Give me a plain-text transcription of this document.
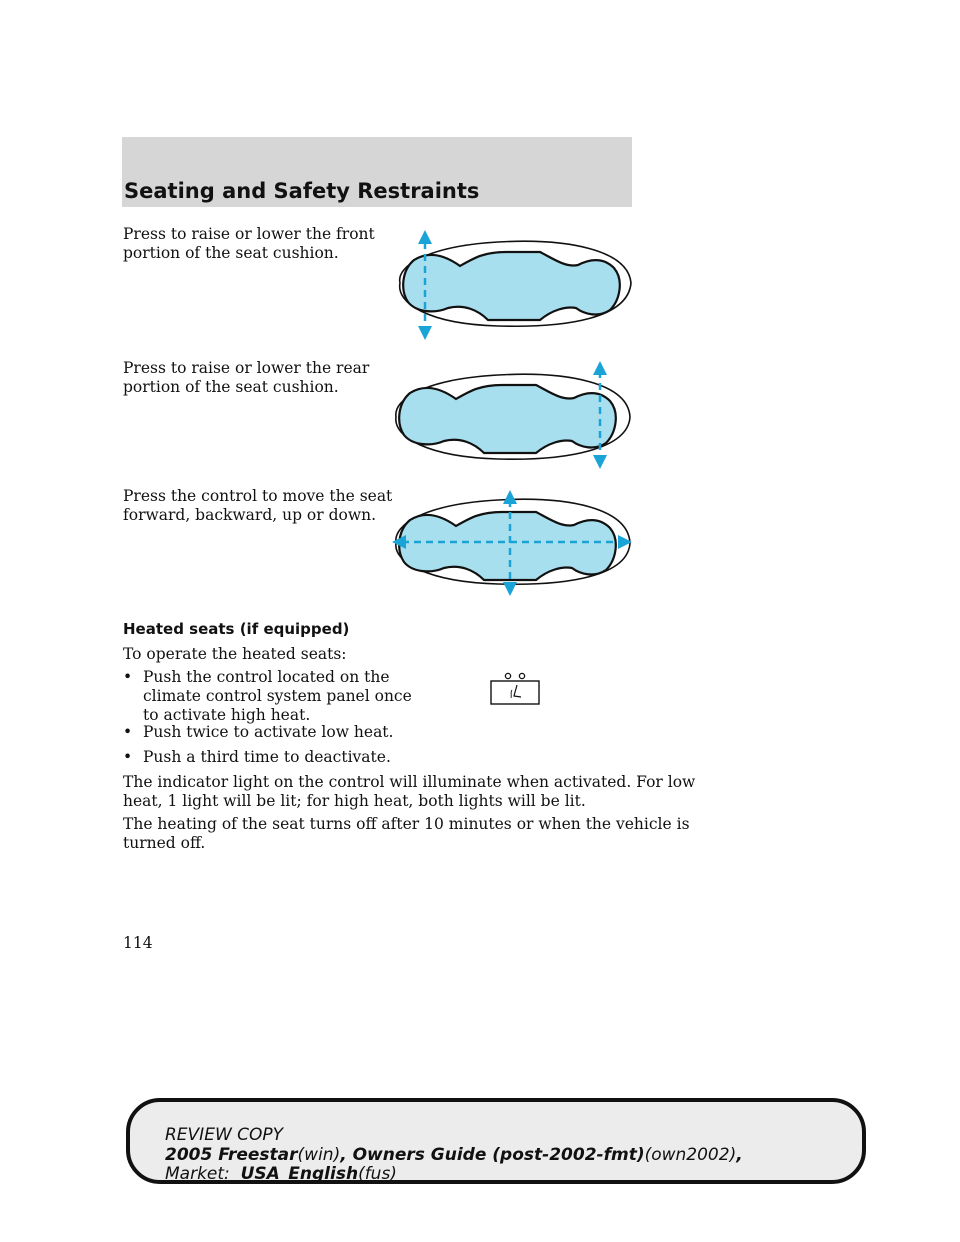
Seating and Safety Restraints

Press to raise or lower the front
portion of the seat cushion.

Press to raise or lower the rear
portion of the seat cushion.

Press the control to move the seat
forward, backward, up or down.

Heated seats (if equipped)

To operate the heated seats:

• Push the control located on the
climate control system panel once
to activate high heat.
• Push twice to activate low heat.
• Push a third time to deactivate.

The indicator light on the control will illuminate when activated. For low
heat, 1 light will be lit; for high heat, both lights will be lit.

The heating of the seat turns off after 10 minutes or when the vehicle is
turned off.

114
REVIEW COPY
2005 Freestar(win), Owners Guide (post-2002-fmt)(own2002),
Market:  USA_English(fus)
